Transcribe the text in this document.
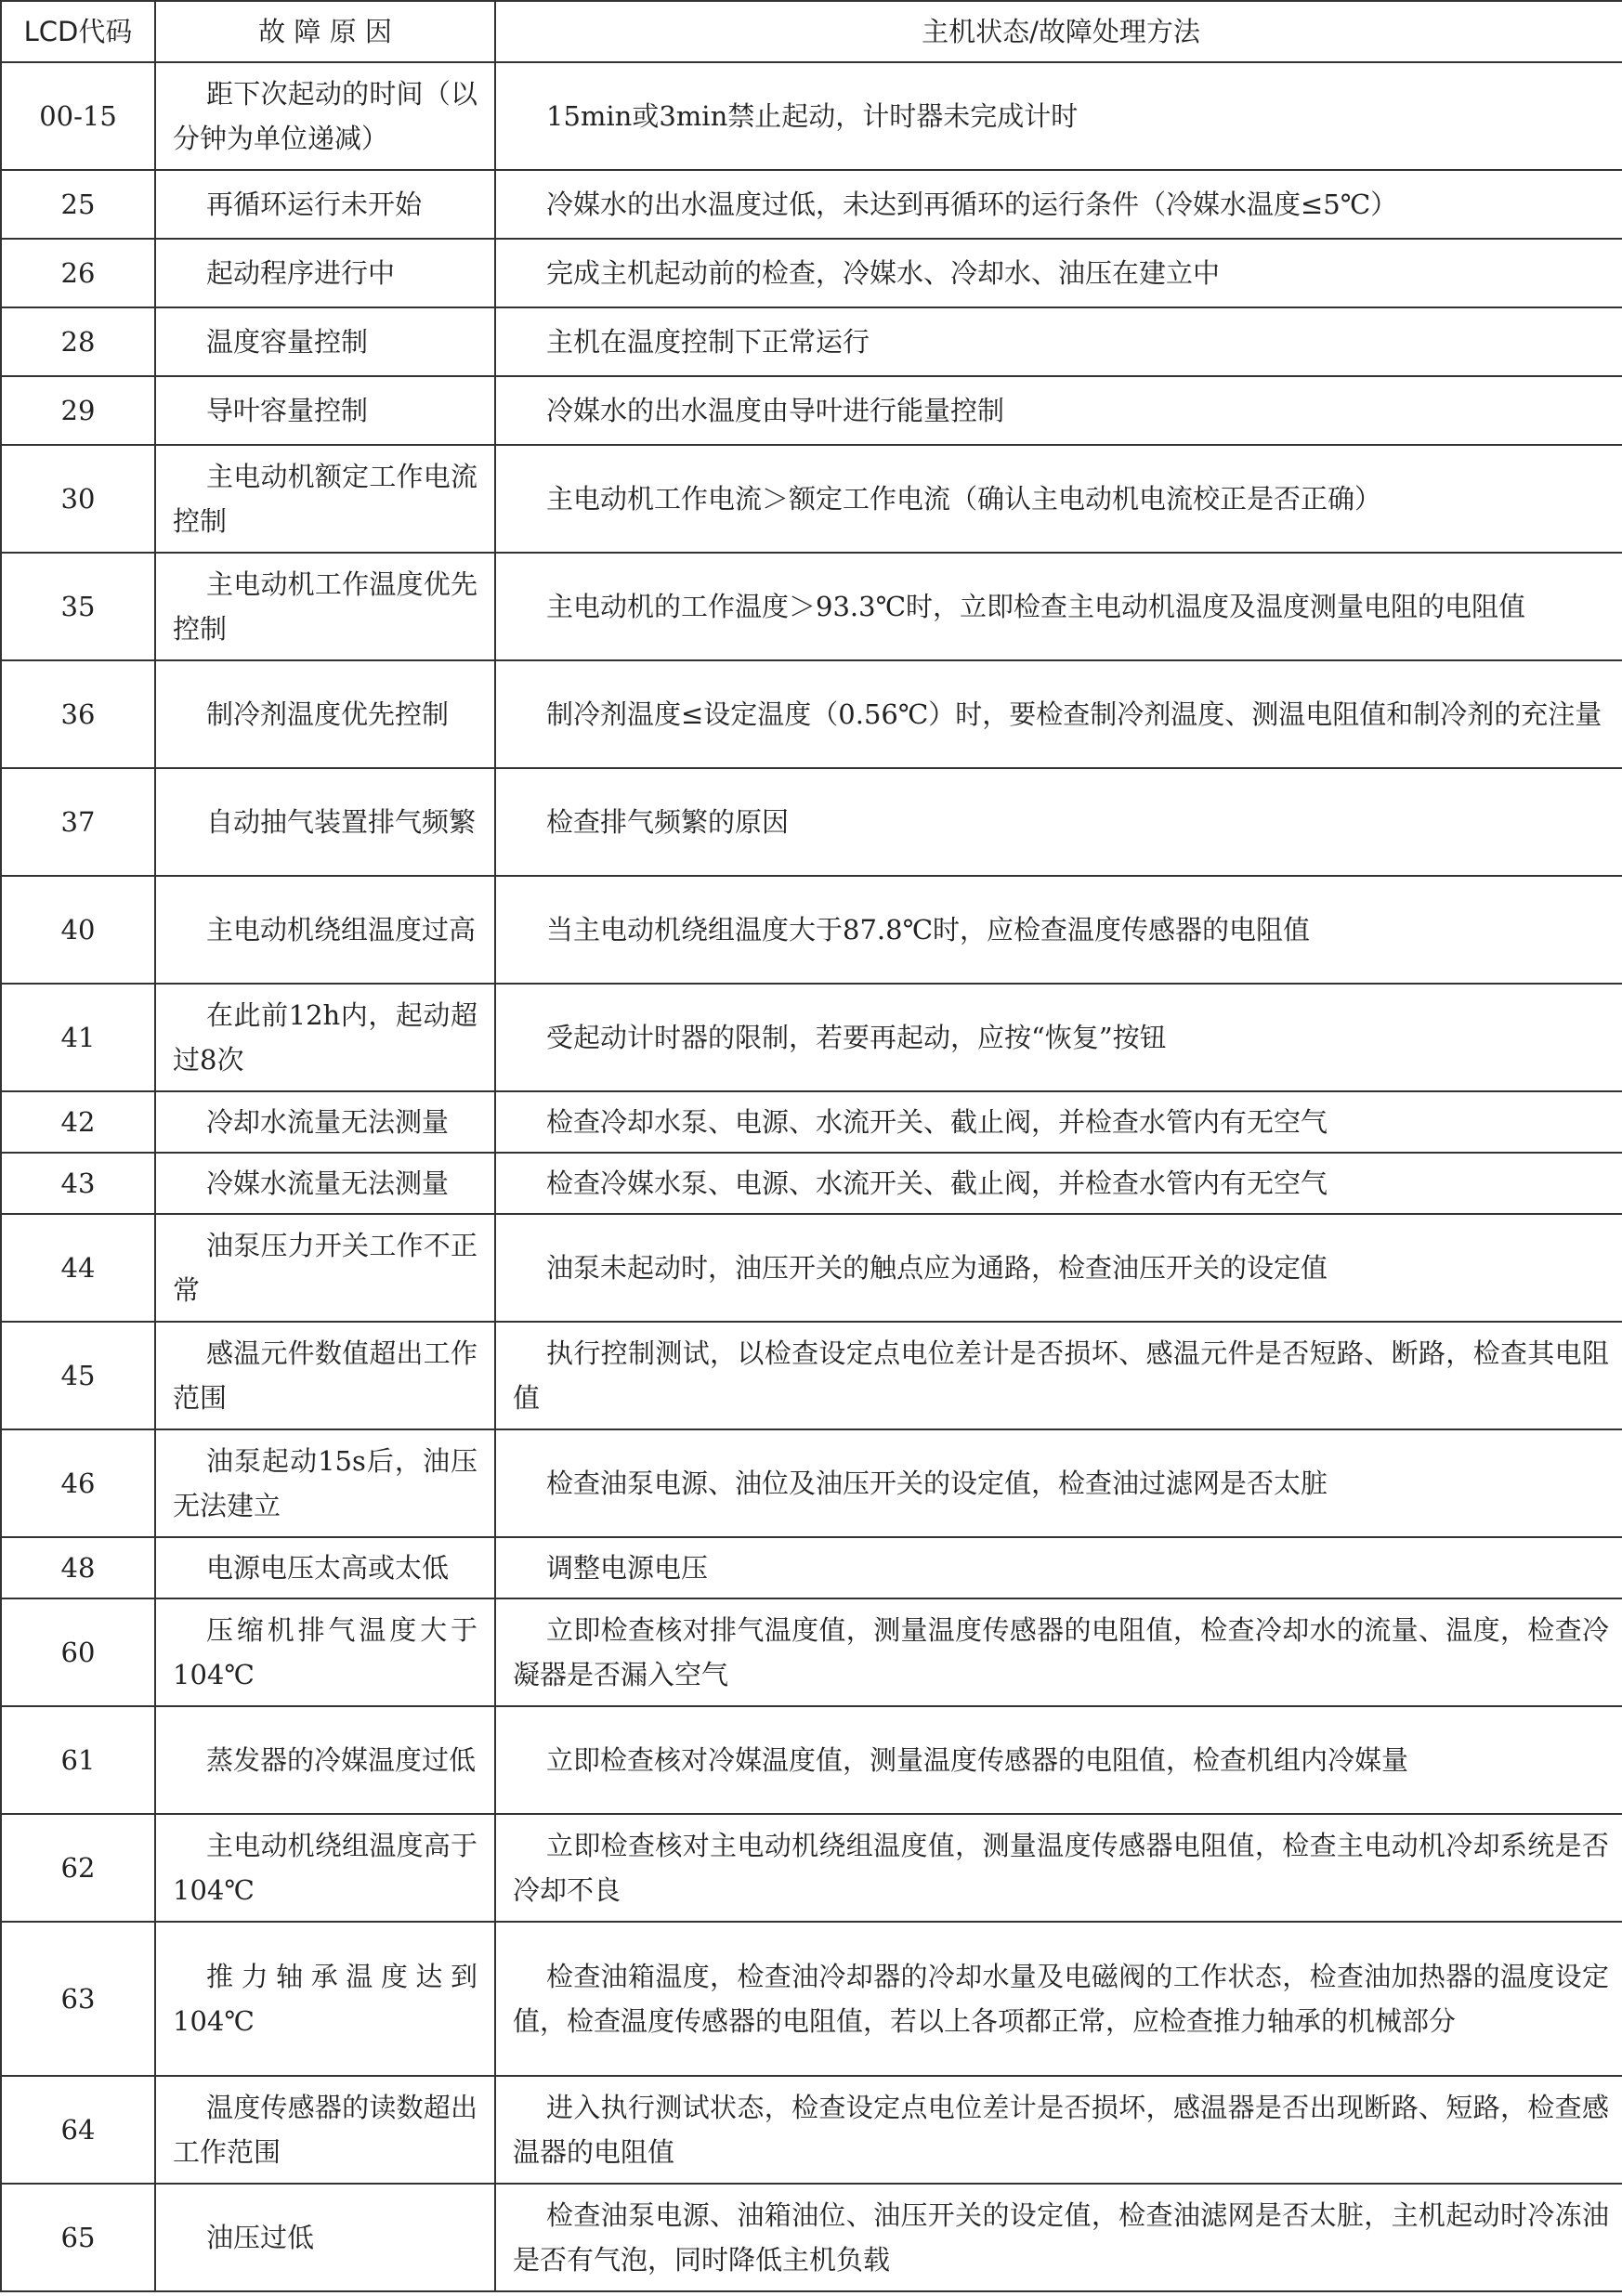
LCD代码	故 障 原 因	主机状态/故障处理方法
00-15	距下次起动的时间（以分钟为单位递减）	15min或3min禁止起动，计时器未完成计时
25	再循环运行未开始	冷媒水的出水温度过低，未达到再循环的运行条件（冷媒水温度≤5℃）
26	起动程序进行中	完成主机起动前的检查，冷媒水、冷却水、油压在建立中
28	温度容量控制	主机在温度控制下正常运行
29	导叶容量控制	冷媒水的出水温度由导叶进行能量控制
30	主电动机额定工作电流控制	主电动机工作电流＞额定工作电流（确认主电动机电流校正是否正确）
35	主电动机工作温度优先控制	主电动机的工作温度＞93.3℃时，立即检查主电动机温度及温度测量电阻的电阻值
36	制冷剂温度优先控制	制冷剂温度≤设定温度（0.56℃）时，要检查制冷剂温度、测温电阻值和制冷剂的充注量
37	自动抽气装置排气频繁	检查排气频繁的原因
40	主电动机绕组温度过高	当主电动机绕组温度大于87.8℃时，应检查温度传感器的电阻值
41	在此前12h内，起动超过8次	受起动计时器的限制，若要再起动，应按“恢复”按钮
42	冷却水流量无法测量	检查冷却水泵、电源、水流开关、截止阀，并检查水管内有无空气
43	冷媒水流量无法测量	检查冷媒水泵、电源、水流开关、截止阀，并检查水管内有无空气
44	油泵压力开关工作不正常	油泵未起动时，油压开关的触点应为通路，检查油压开关的设定值
45	感温元件数值超出工作范围	执行控制测试，以检查设定点电位差计是否损坏、感温元件是否短路、断路，检查其电阻值
46	油泵起动15s后，油压无法建立	检查油泵电源、油位及油压开关的设定值，检查油过滤网是否太脏
48	电源电压太高或太低	调整电源电压
60	压缩机排气温度大于104℃	立即检查核对排气温度值，测量温度传感器的电阻值，检查冷却水的流量、温度，检查冷凝器是否漏入空气
61	蒸发器的冷媒温度过低	立即检查核对冷媒温度值，测量温度传感器的电阻值，检查机组内冷媒量
62	主电动机绕组温度高于104℃	立即检查核对主电动机绕组温度值，测量温度传感器电阻值，检查主电动机冷却系统是否冷却不良
63	推力轴承温度达到104℃	检查油箱温度，检查油冷却器的冷却水量及电磁阀的工作状态，检查油加热器的温度设定值，检查温度传感器的电阻值，若以上各项都正常，应检查推力轴承的机械部分
64	温度传感器的读数超出工作范围	进入执行测试状态，检查设定点电位差计是否损坏，感温器是否出现断路、短路，检查感温器的电阻值
65	油压过低	检查油泵电源、油箱油位、油压开关的设定值，检查油滤网是否太脏，主机起动时冷冻油是否有气泡，同时降低主机负载
